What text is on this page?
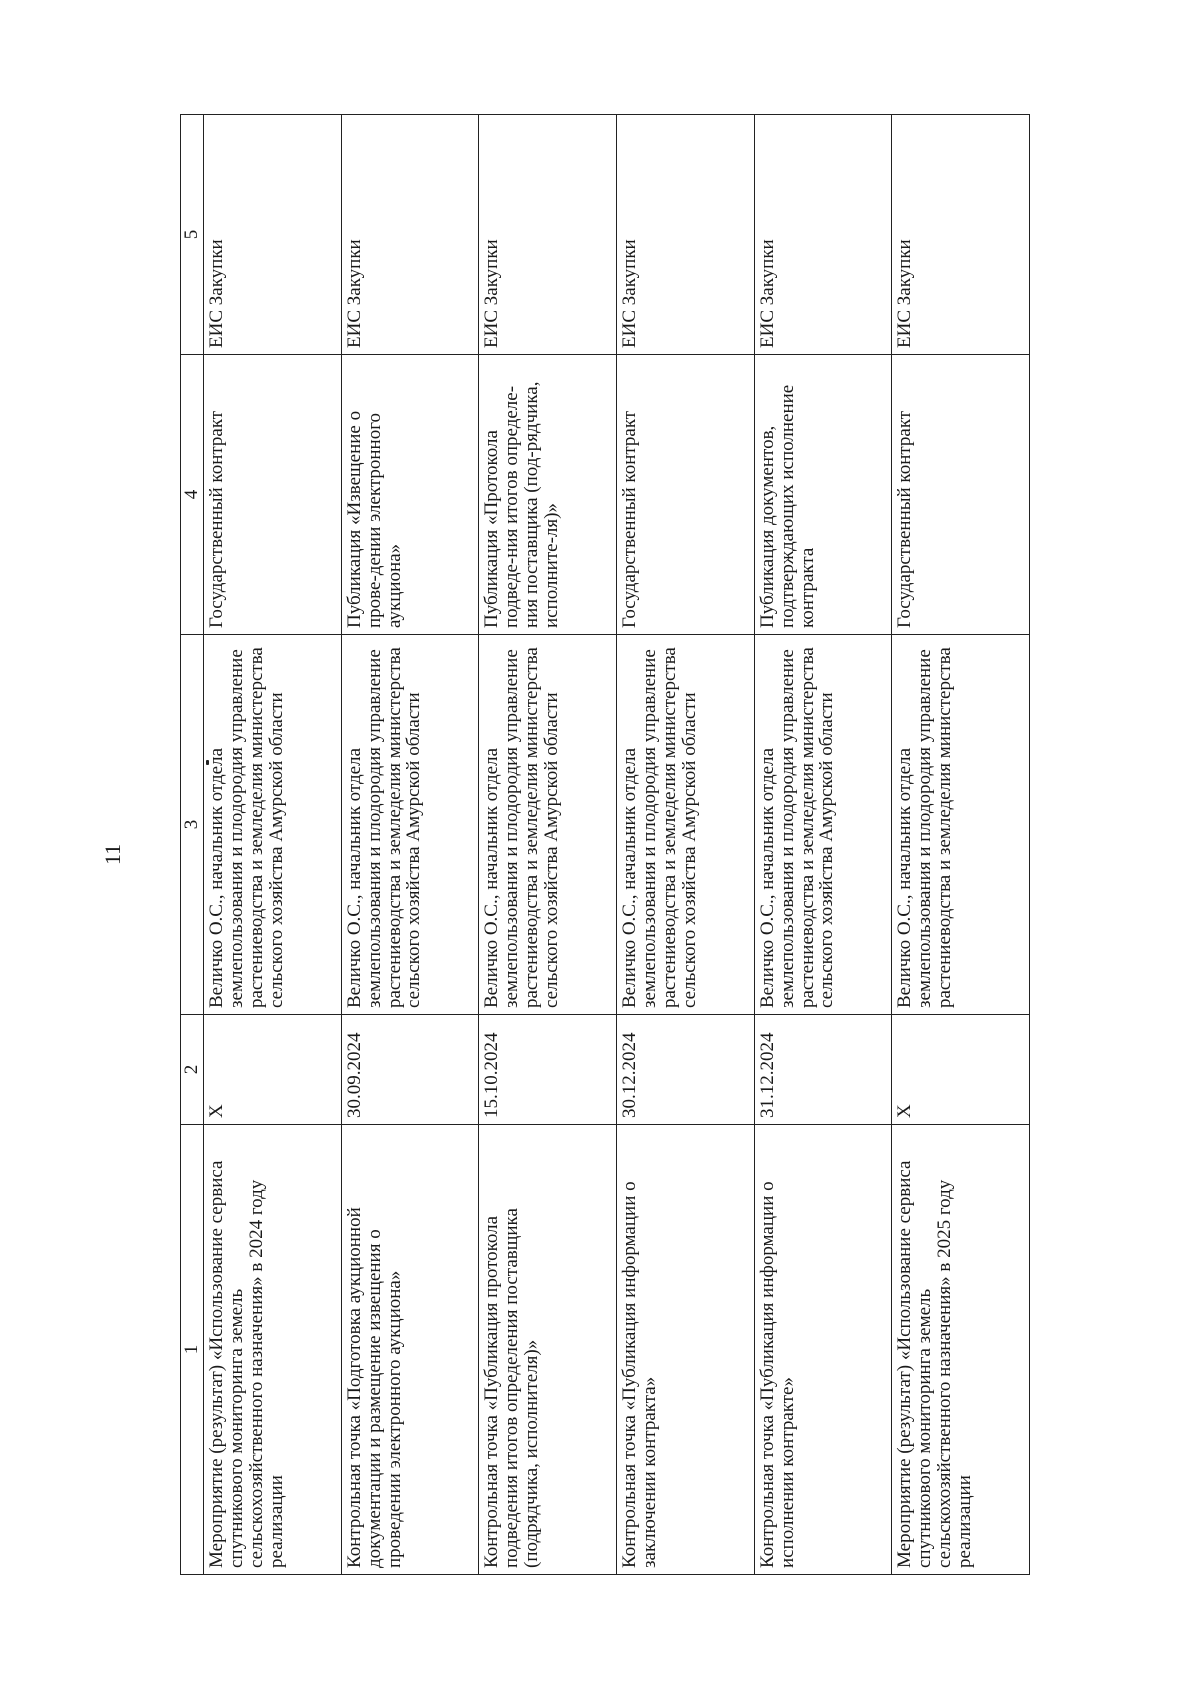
11
1	2	3	4	5
Мероприятие (результат) «Использование сервиса спутникового мониторинга земель сельскохозяйственного назначения» в 2024 году реализации	X	Величко О.С., начальник отдела землепользования и плодородия управление растениеводства и земледелия министерства сельского хозяйства Амурской области	Государственный контракт	ЕИС Закупки
Контрольная точка «Подготовка аукционной документации и размещение извещения о проведении электронного аукциона»	30.09.2024	Величко О.С., начальник отдела землепользования и плодородия управление растениеводства и земледелия министерства сельского хозяйства Амурской области	Публикация «Извещение о прове-дении электронного аукциона»	ЕИС Закупки
Контрольная точка «Публикация протокола подведения итогов определения поставщика (подрядчика, исполнителя)»	15.10.2024	Величко О.С., начальник отдела землепользования и плодородия управление растениеводства и земледелия министерства сельского хозяйства Амурской области	Публикация «Протокола подведе-ния итогов определе-ния поставщика (под-рядчика, исполните-ля)»	ЕИС Закупки
Контрольная точка «Публикация информации о заключении контракта»	30.12.2024	Величко О.С., начальник отдела землепользования и плодородия управление растениеводства и земледелия министерства сельского хозяйства Амурской области	Государственный контракт	ЕИС Закупки
Контрольная точка «Публикация информации о исполнении контракте»	31.12.2024	Величко О.С., начальник отдела землепользования и плодородия управление растениеводства и земледелия министерства сельского хозяйства Амурской области	Публикация документов, подтверждающих исполнение контракта	ЕИС Закупки
Мероприятие (результат) «Использование сервиса спутникового мониторинга земель сельскохозяйственного назначения» в 2025 году реализации	X	Величко О.С., начальник отдела землепользования и плодородия управление растениеводства и земледелия министерства	Государственный контракт	ЕИС Закупки
